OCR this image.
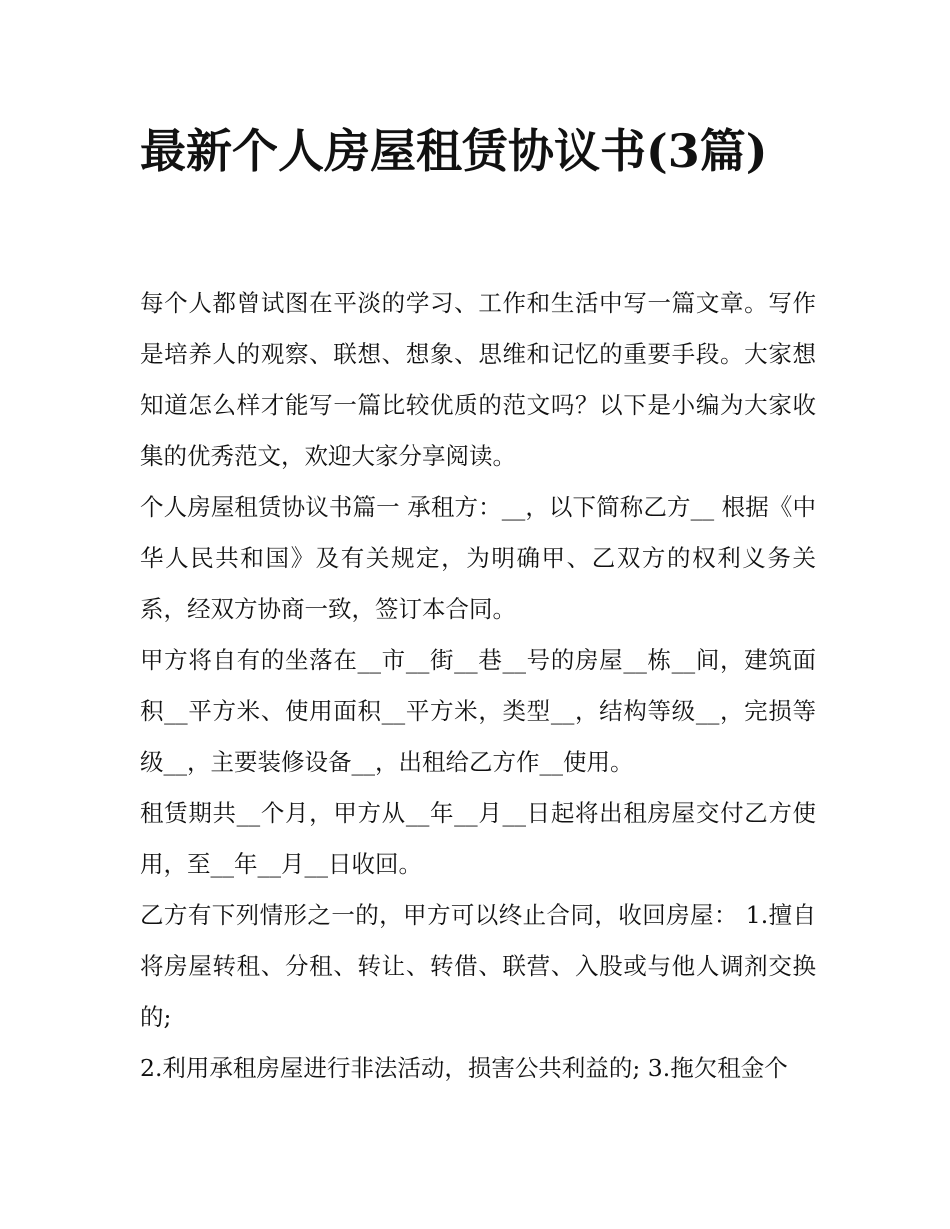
最新个人房屋租赁协议书(3篇)

每个人都曾试图在平淡的学习、工作和生活中写一篇文章。写作是培养人的观察、联想、想象、思维和记忆的重要手段。大家想知道怎么样才能写一篇比较优质的范文吗？以下是小编为大家收集的优秀范文，欢迎大家分享阅读。

个人房屋租赁协议书篇一 承租方：__，以下简称乙方__ 根据《中华人民共和国》及有关规定，为明确甲、乙双方的权利义务关系，经双方协商一致，签订本合同。

甲方将自有的坐落在__市__街__巷__号的房屋__栋__间，建筑面积__平方米、使用面积__平方米，类型__，结构等级__，完损等级__，主要装修设备__，出租给乙方作__使用。

租赁期共__个月，甲方从__年__月__日起将出租房屋交付乙方使用，至__年__月__日收回。

乙方有下列情形之一的，甲方可以终止合同，收回房屋： 1.擅自将房屋转租、分租、转让、转借、联营、入股或与他人调剂交换的;

2.利用承租房屋进行非法活动，损害公共利益的; 3.拖欠租金个
